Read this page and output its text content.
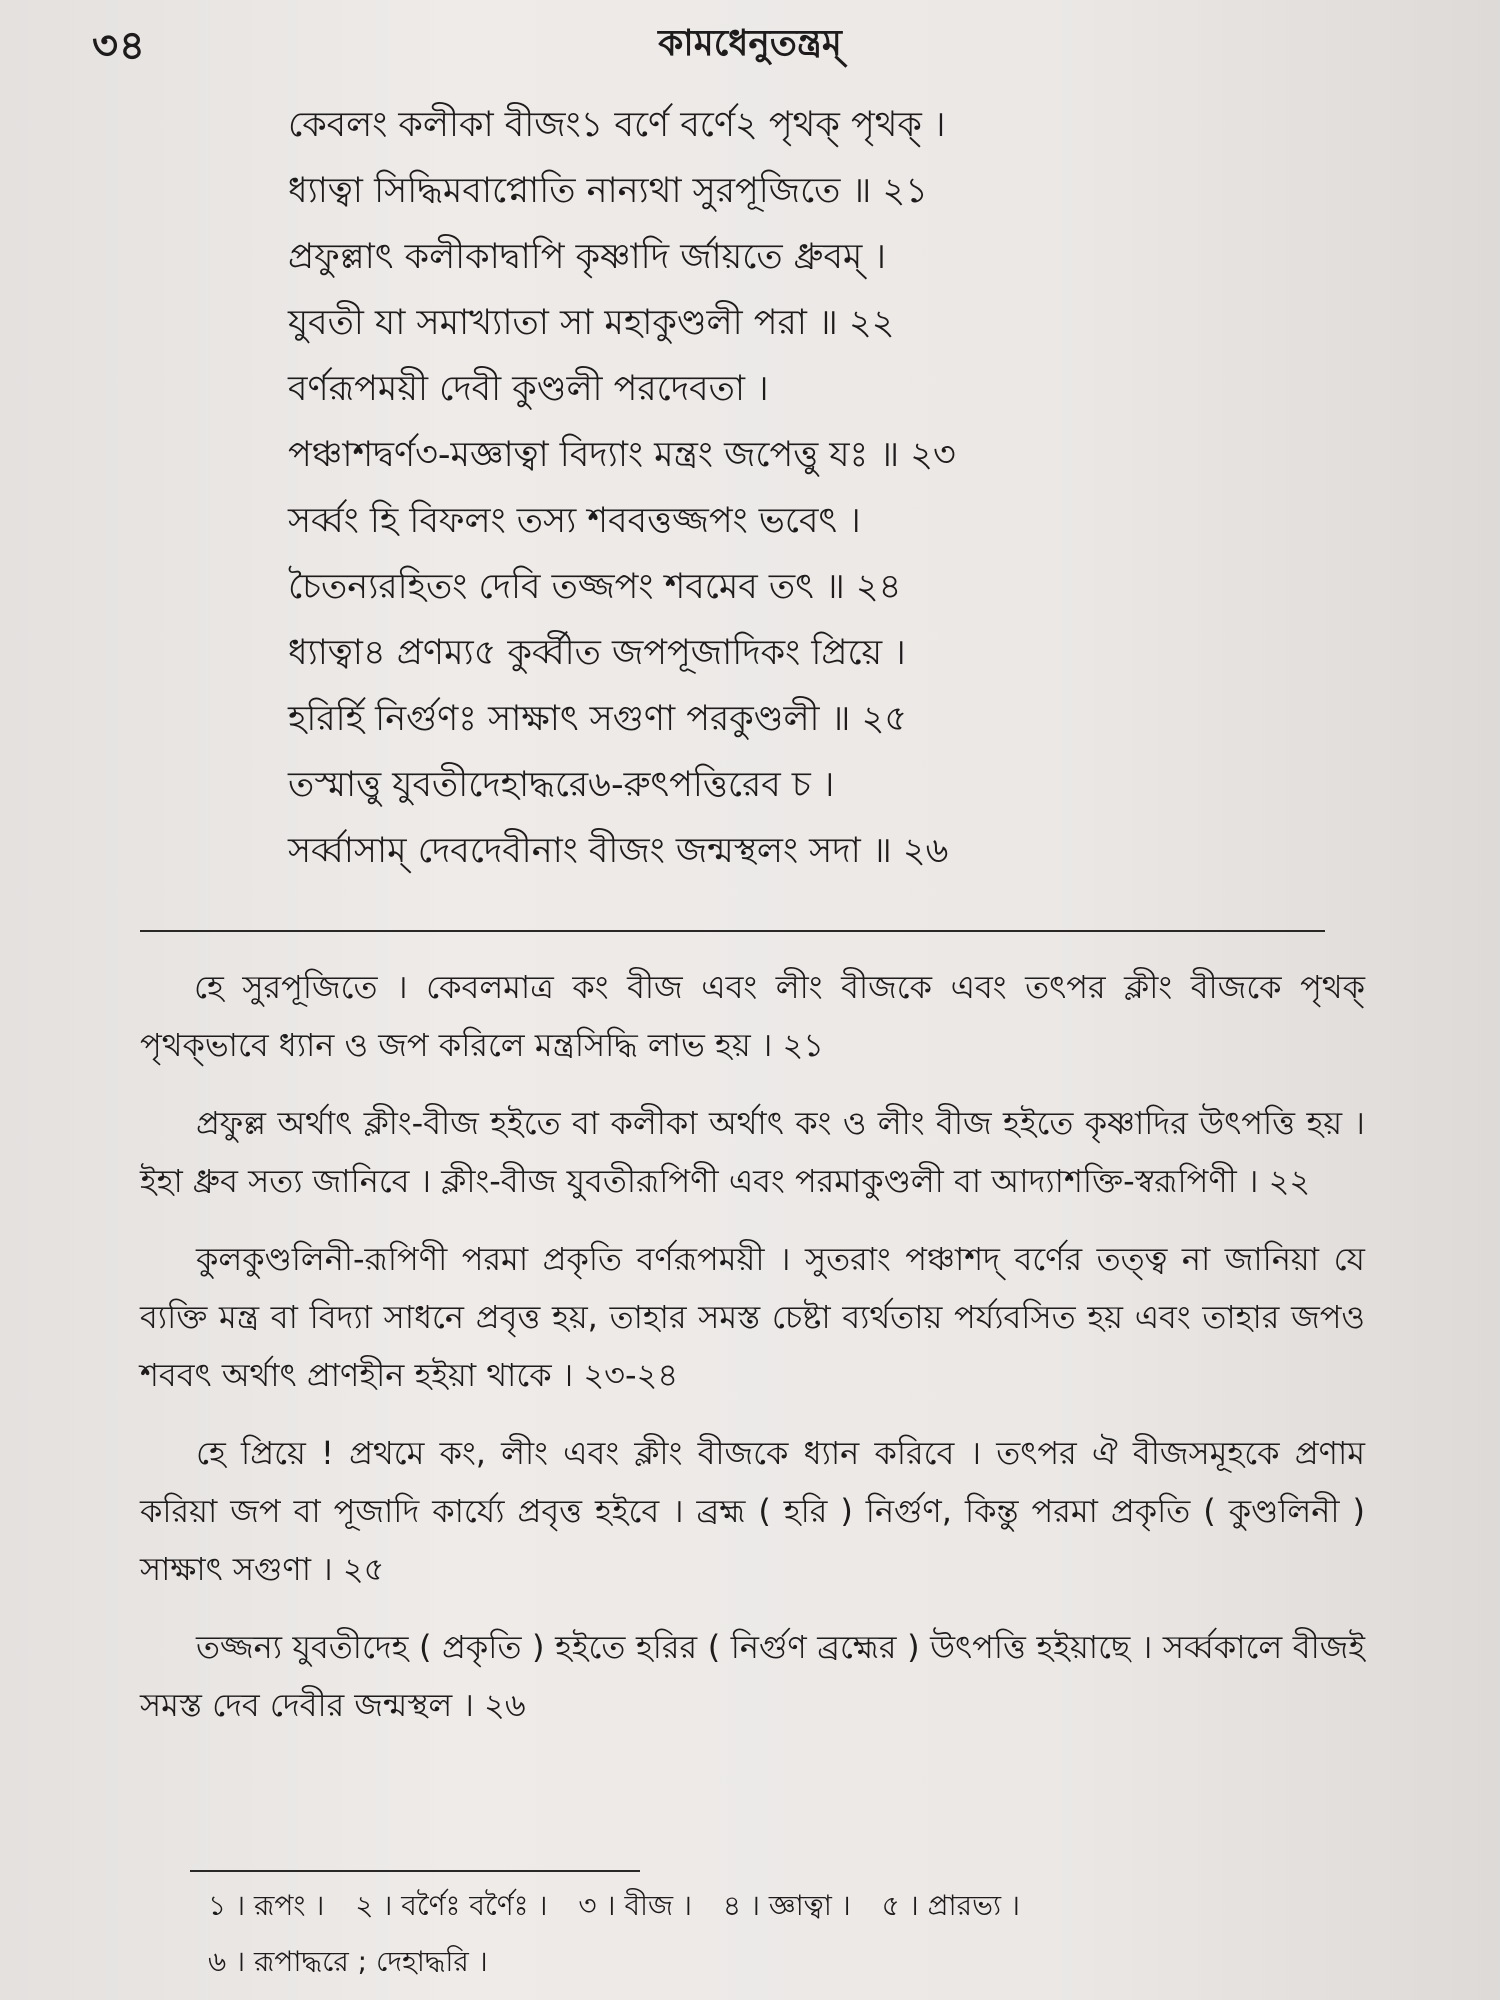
৩৪	কামধেনুতন্ত্রম্
কেবলং কলীকা বীজং১ বর্ণে বর্ণে২ পৃথক্ পৃথক্ ।
ধ্যাত্বা সিদ্ধিমবাপ্নোতি নান্যথা সুরপূজিতে ॥ ২১
প্রফুল্লাৎ কলীকাদ্বাপি কৃষ্ণাদি র্জায়তে ধ্রুবম্ ।
যুবতী যা সমাখ্যাতা সা মহাকুণ্ডলী পরা ॥ ২২
বর্ণরূপময়ী দেবী কুণ্ডলী পরদেবতা ।
পঞ্চাশদ্বর্ণ৩-মজ্ঞাত্বা বিদ্যাং মন্ত্রং জপেত্তু যঃ ॥ ২৩
সর্ব্বং হি বিফলং তস্য শববত্তজ্জপং ভবেৎ ।
চৈতন্যরহিতং দেবি তজ্জপং শবমেব তৎ ॥ ২৪
ধ্যাত্বা৪ প্রণম্য৫ কুর্ব্বীত জপপূজাদিকং প্রিয়ে ।
হরির্হি নির্গুণঃ সাক্ষাৎ সগুণা পরকুণ্ডলী ॥ ২৫
তস্মাত্তু যুবতীদেহাদ্ধরে৬-রুৎপত্তিরেব চ ।
সর্ব্বাসাম্ দেবদেবীনাং বীজং জন্মস্থলং সদা ॥ ২৬

হে সুরপূজিতে । কেবলমাত্র কং বীজ এবং লীং বীজকে এবং তৎপর ক্লীং বীজকে পৃথক্ পৃথক্ভাবে ধ্যান ও জপ করিলে মন্ত্রসিদ্ধি লাভ হয় । ২১

প্রফুল্ল অর্থাৎ ক্লীং-বীজ হইতে বা কলীকা অর্থাৎ কং ও লীং বীজ হইতে কৃষ্ণাদির উৎপত্তি হয় । ইহা ধ্রুব সত্য জানিবে । ক্লীং-বীজ যুবতীরূপিণী এবং পরমাকুণ্ডলী বা আদ্যাশক্তি-স্বরূপিণী । ২২

কুলকুণ্ডলিনী-রূপিণী পরমা প্রকৃতি বর্ণরূপময়ী । সুতরাং পঞ্চাশদ্ বর্ণের তত্ত্ব না জানিয়া যে ব্যক্তি মন্ত্র বা বিদ্যা সাধনে প্রবৃত্ত হয়, তাহার সমস্ত চেষ্টা ব্যর্থতায় পর্য্যবসিত হয় এবং তাহার জপও শববৎ অর্থাৎ প্রাণহীন হইয়া থাকে । ২৩-২৪

হে প্রিয়ে ! প্রথমে কং, লীং এবং ক্লীং বীজকে ধ্যান করিবে । তৎপর ঐ বীজসমূহকে প্রণাম করিয়া জপ বা পূজাদি কার্য্যে প্রবৃত্ত হইবে । ব্রহ্ম ( হরি ) নির্গুণ, কিন্তু পরমা প্রকৃতি ( কুণ্ডলিনী ) সাক্ষাৎ সগুণা । ২৫

তজ্জন্য যুবতীদেহ ( প্রকৃতি ) হইতে হরির ( নির্গুণ ব্রহ্মের ) উৎপত্তি হইয়াছে । সর্ব্বকালে বীজই সমস্ত দেব দেবীর জন্মস্থল । ২৬

১ । রূপং । ২ । বর্ণৈঃ বর্ণৈঃ । ৩ । বীজ । ৪ । জ্ঞাত্বা । ৫ । প্রারভ্য ।
৬ । রূপাদ্ধরে ; দেহাদ্ধরি ।
